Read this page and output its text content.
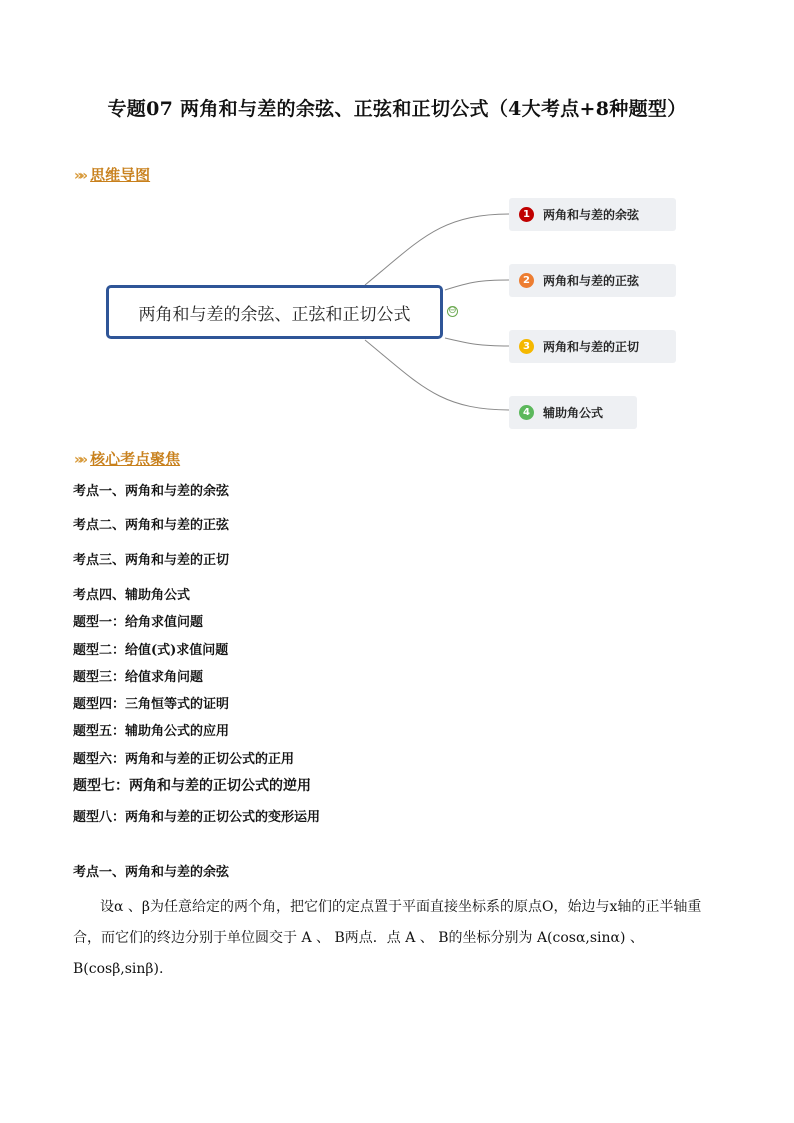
专题07 两角和与差的余弦、正弦和正切公式（4大考点+8种题型）
»» 思维导图
两角和与差的余弦、正弦和正切公式	⊖
1	两角和与差的余弦
2	两角和与差的正弦
3	两角和与差的正切
4	辅助角公式
»» 核心考点聚焦
考点一、两角和与差的余弦
考点二、两角和与差的正弦
考点三、两角和与差的正切
考点四、辅助角公式
题型一：给角求值问题
题型二：给值(式)求值问题
题型三：给值求角问题
题型四：三角恒等式的证明
题型五：辅助角公式的应用
题型六：两角和与差的正切公式的正用
题型七：两角和与差的正切公式的逆用
题型八：两角和与差的正切公式的变形运用
考点一、两角和与差的余弦
设α 、β为任意给定的两个角，把它们的定点置于平面直接坐标系的原点O，始边与x轴的正半轴重
合，而它们的终边分别于单位圆交于 A 、 B两点．点 A 、 B的坐标分别为 A(cosα,sinα) 、
B(cosβ,sinβ).
